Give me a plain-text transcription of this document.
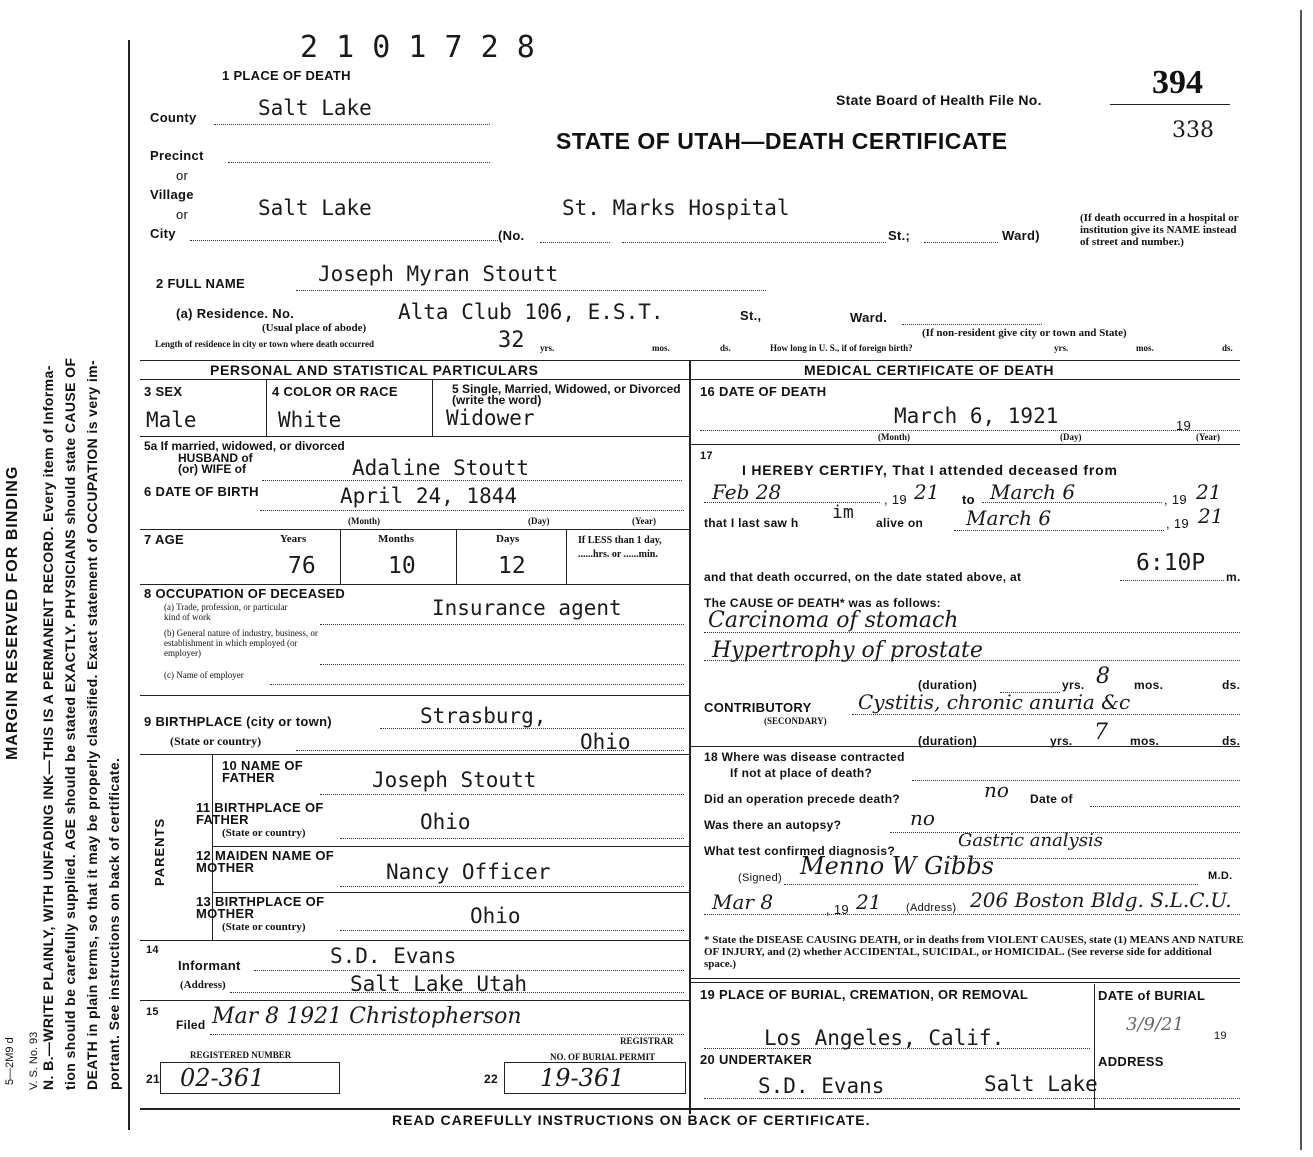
MARGIN RESERVED FOR BINDING N. B.—WRITE PLAINLY, WITH UNFADING INK—THIS IS A PERMANENT RECORD. Every item of Informa- tion should be carefully supplied. AGE should be stated EXACTLY. PHYSICIANS should state CAUSE OF DEATH in plain terms, so that it may be properly classified. Exact statement of OCCUPATION is very im- portant. See instructions on back of certificate.
V. S. No. 93
5—2M9 d
2 1 0 1 7 2 8
1 PLACE OF DEATH
State Board of Health File No.	394
338
STATE OF UTAH—DEATH CERTIFICATE
County	Salt Lake
Precinct
or
Village
or
City
Salt Lake	St. Marks Hospital
(No.	St.;	Ward)
(If death occurred in a hospital or institution give its NAME instead of street and number.)
2 FULL NAME	Joseph Myran Stoutt
(a) Residence. No.	Alta Club 106, E.S.T.	St.,	Ward.
(Usual place of abode)	(If non-resident give city or town and State)
Length of residence in city or town where death occurred	32 yrs.	mos.	ds.	How long in U. S., if of foreign birth?	yrs.	mos.	ds.
PERSONAL AND STATISTICAL PARTICULARS	MEDICAL CERTIFICATE OF DEATH
3 SEX
Male
4 COLOR OR RACE
White
5 Single, Married, Widowed, or Divorced (write the word)
Widower
5a If married, widowed, or divorced
HUSBAND of
(or) WIFE of	Adaline Stoutt
6 DATE OF BIRTH	April 24, 1844
(Month)	(Day)	(Year)
7 AGE	Years	Months	Days
76	10	12
If LESS than 1 day, ......hrs. or ......min.
8 OCCUPATION OF DECEASED
(a) Trade, profession, or particular kind of work
(b) General nature of industry, business, or establishment in which employed (or employer)
(c) Name of employer
Insurance agent
9 BIRTHPLACE (city or town)	Strasburg,
(State or country)	Ohio
PARENTS
10 NAME OF FATHER	Joseph Stoutt
11 BIRTHPLACE OF FATHER
(State or country)	Ohio
12 MAIDEN NAME OF MOTHER	Nancy Officer
13 BIRTHPLACE OF MOTHER
(State or country)	Ohio
14
Informant	S.D. Evans
(Address)	Salt Lake Utah
15
Filed Mar 8 1921 Christopherson
REGISTRAR
REGISTERED NUMBER	NO. OF BURIAL PERMIT
21 02-361	22 19-361
16 DATE OF DEATH
March 6, 1921	19
(Month)	(Day)	(Year)
17
I HEREBY CERTIFY, That I attended deceased from
Feb 28	, 19 21 to March 6	, 19 21
that I last saw h im alive on March 6	, 19 21
and that death occurred, on the date stated above, at
6:10P
m.
The CAUSE OF DEATH* was as follows:
Carcinoma of stomach
Hypertrophy of prostate
(duration)	yrs. 8 mos.	ds.
CONTRIBUTORY
(SECONDARY)
Cystitis, chronic anuria &c
(duration)	yrs. 7 mos.	ds.
18 Where was disease contracted
If not at place of death?
Did an operation precede death?	no Date of
Was there an autopsy?	no
What test confirmed diagnosis?	Gastric analysis
(Signed) Menno W Gibbs	M.D.
Mar 8	, 19 21 (Address) 206 Boston Bldg. S.L.C.U.
* State the DISEASE CAUSING DEATH, or in deaths from VIOLENT CAUSES, state (1) MEANS AND NATURE OF INJURY, and (2) whether ACCIDENTAL, SUICIDAL, or HOMICIDAL. (See reverse side for additional space.)
19 PLACE OF BURIAL, CREMATION, OR REMOVAL
Los Angeles, Calif.
DATE of BURIAL
3/9/21
19
20 UNDERTAKER	ADDRESS
S.D. Evans	Salt Lake
READ CAREFULLY INSTRUCTIONS ON BACK OF CERTIFICATE.
